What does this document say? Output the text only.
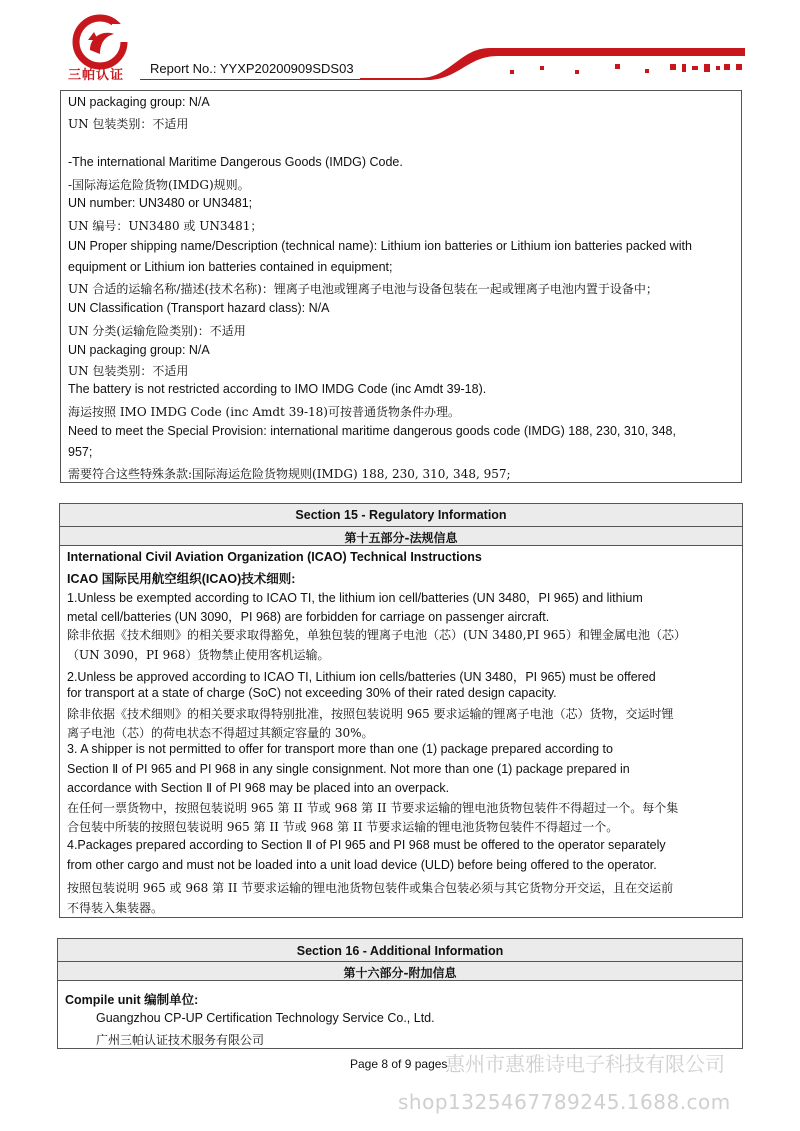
三帕认证 Report No.: YYXP20200909SDS03
UN packaging group: N/A
UN 包装类别：不适用
-The international Maritime Dangerous Goods (IMDG) Code.
-国际海运危险货物(IMDG)规则。
UN number: UN3480 or UN3481;
UN 编号：UN3480 或 UN3481；
UN Proper shipping name/Description (technical name): Lithium ion batteries or Lithium ion batteries packed with
equipment or Lithium ion batteries contained in equipment;
UN 合适的运输名称/描述(技术名称)：锂离子电池或锂离子电池与设备包装在一起或锂离子电池内置于设备中；
UN Classification (Transport hazard class): N/A
UN 分类(运输危险类别)：不适用
UN packaging group: N/A
UN 包装类别：不适用
The battery is not restricted according to IMO IMDG Code (inc Amdt 39-18).
海运按照 IMO IMDG Code (inc Amdt 39-18)可按普通货物条件办理。
Need to meet the Special Provision: international maritime dangerous goods code (IMDG) 188, 230, 310, 348,
957;
需要符合这些特殊条款:国际海运危险货物规则(IMDG) 188, 230, 310, 348, 957;
Section 15 - Regulatory Information
第十五部分-法规信息
International Civil Aviation Organization (ICAO) Technical Instructions
ICAO 国际民用航空组织(ICAO)技术细则:
1.Unless be exempted according to ICAO TI, the lithium ion cell/batteries (UN 3480，PI 965) and lithium
metal cell/batteries (UN 3090，PI 968) are forbidden for carriage on passenger aircraft.
除非依据《技术细则》的相关要求取得豁免，单独包装的锂离子电池（芯）(UN 3480,PI 965）和锂金属电池（芯）
（UN 3090，PI 968）货物禁止使用客机运输。
2.Unless be approved according to ICAO TI, Lithium ion cells/batteries (UN 3480，PI 965) must be offered
for transport at a state of charge (SoC) not exceeding 30% of their rated design capacity.
除非依据《技术细则》的相关要求取得特别批准，按照包装说明 965 要求运输的锂离子电池（芯）货物，交运时锂
离子电池（芯）的荷电状态不得超过其额定容量的 30%。
3. A shipper is not permitted to offer for transport more than one (1) package prepared according to
Section Ⅱ of PI 965 and PI 968 in any single consignment. Not more than one (1) package prepared in
accordance with Section Ⅱ of PI 968 may be placed into an overpack.
在任何一票货物中，按照包装说明 965 第 II 节或 968 第 II 节要求运输的锂电池货物包装件不得超过一个。每个集
合包装中所装的按照包装说明 965 第 II 节或 968 第 II 节要求运输的锂电池货物包装件不得超过一个。
4.Packages prepared according to Section Ⅱ of PI 965 and PI 968 must be offered to the operator separately
from other cargo and must not be loaded into a unit load device (ULD) before being offered to the operator.
按照包装说明 965 或 968 第 II 节要求运输的锂电池货物包装件或集合包装必须与其它货物分开交运，且在交运前
不得装入集装器。
Section 16 - Additional Information
第十六部分-附加信息
Compile unit 编制单位:
Guangzhou CP-UP Certification Technology Service Co., Ltd.
广州三帕认证技术服务有限公司
Page 8 of 9 pages
惠州市惠雅诗电子科技有限公司
shop1325467789245.1688.com
